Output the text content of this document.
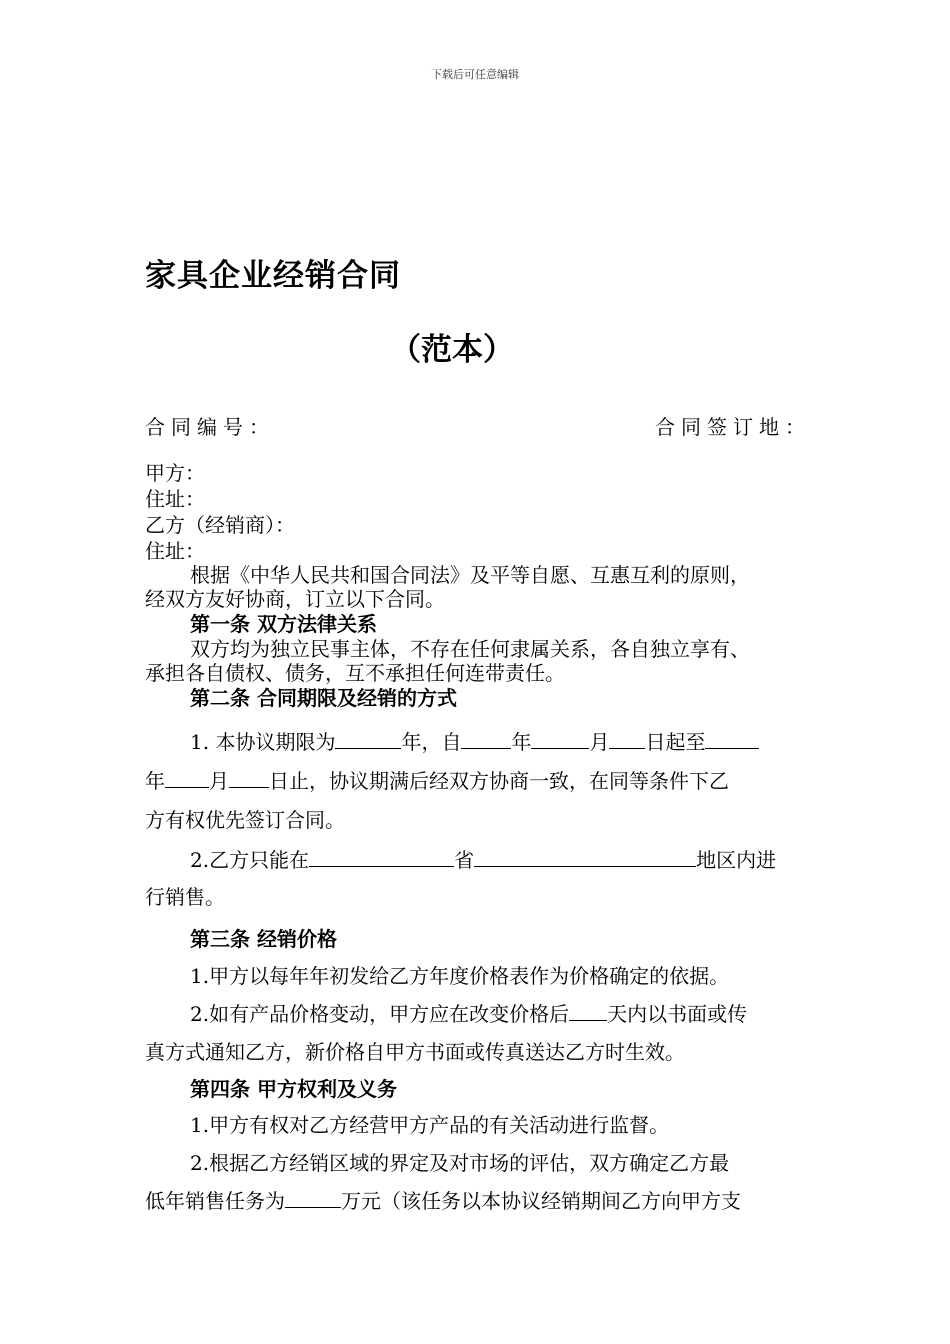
下载后可任意编辑
家具企业经销合同
（范本）
合同编号：	合同签订地：
甲方：
住址：
乙方（经销商）：
住址：
根据《中华人民共和国合同法》及平等自愿、互惠互利的原则，
经双方友好协商，订立以下合同。
第一条 双方法律关系
双方均为独立民事主体，不存在任何隶属关系，各自独立享有、
承担各自债权、债务，互不承担任何连带责任。
第二条 合同期限及经销的方式
1. 本协议期限为	年，自	年	月 日起至
年 月 日止，协议期满后经双方协商一致，在同等条件下乙
方有权优先签订合同。
2.乙方只能在	省	地区内进
行销售。
第三条 经销价格
1.甲方以每年年初发给乙方年度价格表作为价格确定的依据。
2.如有产品价格变动，甲方应在改变价格后 天内以书面或传
真方式通知乙方，新价格自甲方书面或传真送达乙方时生效。
第四条 甲方权利及义务
1.甲方有权对乙方经营甲方产品的有关活动进行监督。
2.根据乙方经销区域的界定及对市场的评估，双方确定乙方最
低年销售任务为	万元（该任务以本协议经销期间乙方向甲方支
